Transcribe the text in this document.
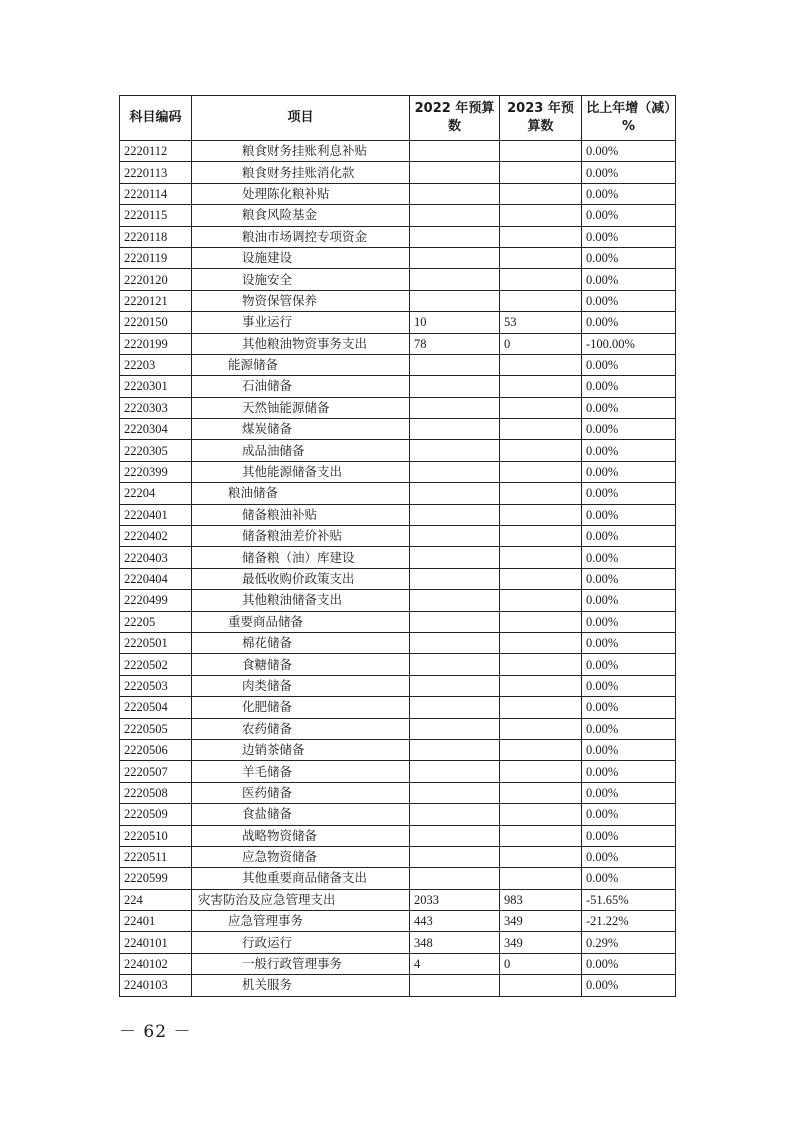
科目编码	项目	2022 年预算数	2023 年预算数	比上年增（减）%
2220112	粮食财务挂账利息补贴			0.00%
2220113	粮食财务挂账消化款			0.00%
2220114	处理陈化粮补贴			0.00%
2220115	粮食风险基金			0.00%
2220118	粮油市场调控专项资金			0.00%
2220119	设施建设			0.00%
2220120	设施安全			0.00%
2220121	物资保管保养			0.00%
2220150	事业运行	10	53	0.00%
2220199	其他粮油物资事务支出	78	0	-100.00%
22203	能源储备			0.00%
2220301	石油储备			0.00%
2220303	天然铀能源储备			0.00%
2220304	煤炭储备			0.00%
2220305	成品油储备			0.00%
2220399	其他能源储备支出			0.00%
22204	粮油储备			0.00%
2220401	储备粮油补贴			0.00%
2220402	储备粮油差价补贴			0.00%
2220403	储备粮（油）库建设			0.00%
2220404	最低收购价政策支出			0.00%
2220499	其他粮油储备支出			0.00%
22205	重要商品储备			0.00%
2220501	棉花储备			0.00%
2220502	食糖储备			0.00%
2220503	肉类储备			0.00%
2220504	化肥储备			0.00%
2220505	农药储备			0.00%
2220506	边销茶储备			0.00%
2220507	羊毛储备			0.00%
2220508	医药储备			0.00%
2220509	食盐储备			0.00%
2220510	战略物资储备			0.00%
2220511	应急物资储备			0.00%
2220599	其他重要商品储备支出			0.00%
224	灾害防治及应急管理支出	2033	983	-51.65%
22401	应急管理事务	443	349	-21.22%
2240101	行政运行	348	349	0.29%
2240102	一般行政管理事务	4	0	0.00%
2240103	机关服务			0.00%
－ 62 －
